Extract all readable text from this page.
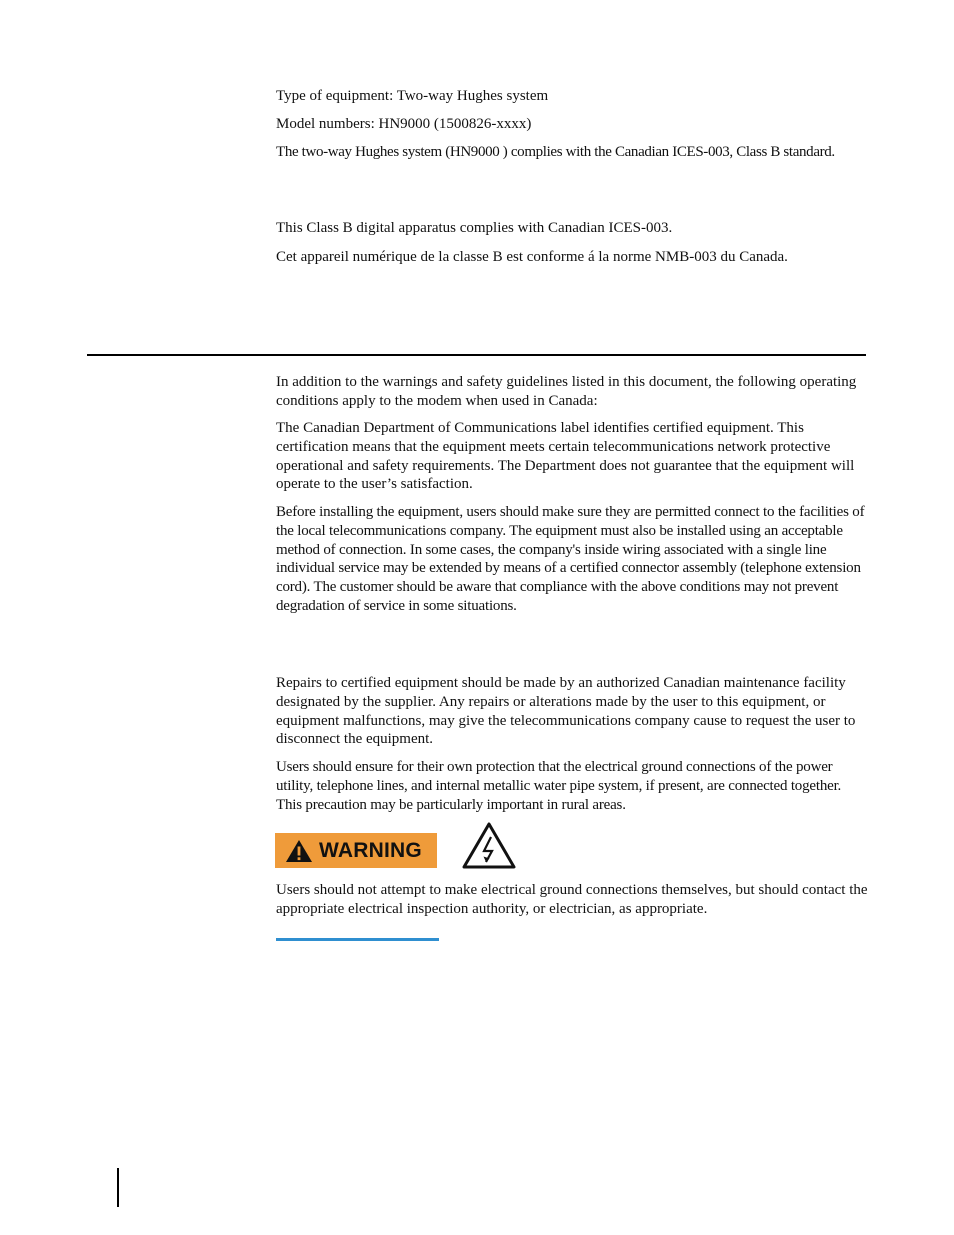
Type of equipment: Two-way Hughes system

Model numbers: HN9000 (1500826-xxxx)

The two-way Hughes system (HN9000 ) complies with the Canadian ICES-003, Class B standard.

This Class B digital apparatus complies with Canadian ICES-003.

Cet appareil numérique de la classe B est conforme á la norme NMB-003 du Canada.

In addition to the warnings and safety guidelines listed in this document, the following operating conditions apply to the modem when used in Canada:

The Canadian Department of Communications label identifies certified equipment. This certification means that the equipment meets certain telecommunications network protective operational and safety requirements. The Department does not guarantee that the equipment will operate to the user’s satisfaction.

Before installing the equipment, users should make sure they are permitted connect to the facilities of the local telecommunications company. The equipment must also be installed using an acceptable method of connection. In some cases, the company's inside wiring associated with a single line individual service may be extended by means of a certified connector assembly (telephone extension cord). The customer should be aware that compliance with the above conditions may not prevent degradation of service in some situations.

Repairs to certified equipment should be made by an authorized Canadian maintenance facility designated by the supplier. Any repairs or alterations made by the user to this equipment, or equipment malfunctions, may give the telecommunications company cause to request the user to disconnect the equipment.

Users should ensure for their own protection that the electrical ground connections of the power utility, telephone lines, and internal metallic water pipe system, if present, are connected together. This precaution may be particularly important in rural areas.

WARNING

Users should not attempt to make electrical ground connections themselves, but should contact the appropriate electrical inspection authority, or electrician, as appropriate.
